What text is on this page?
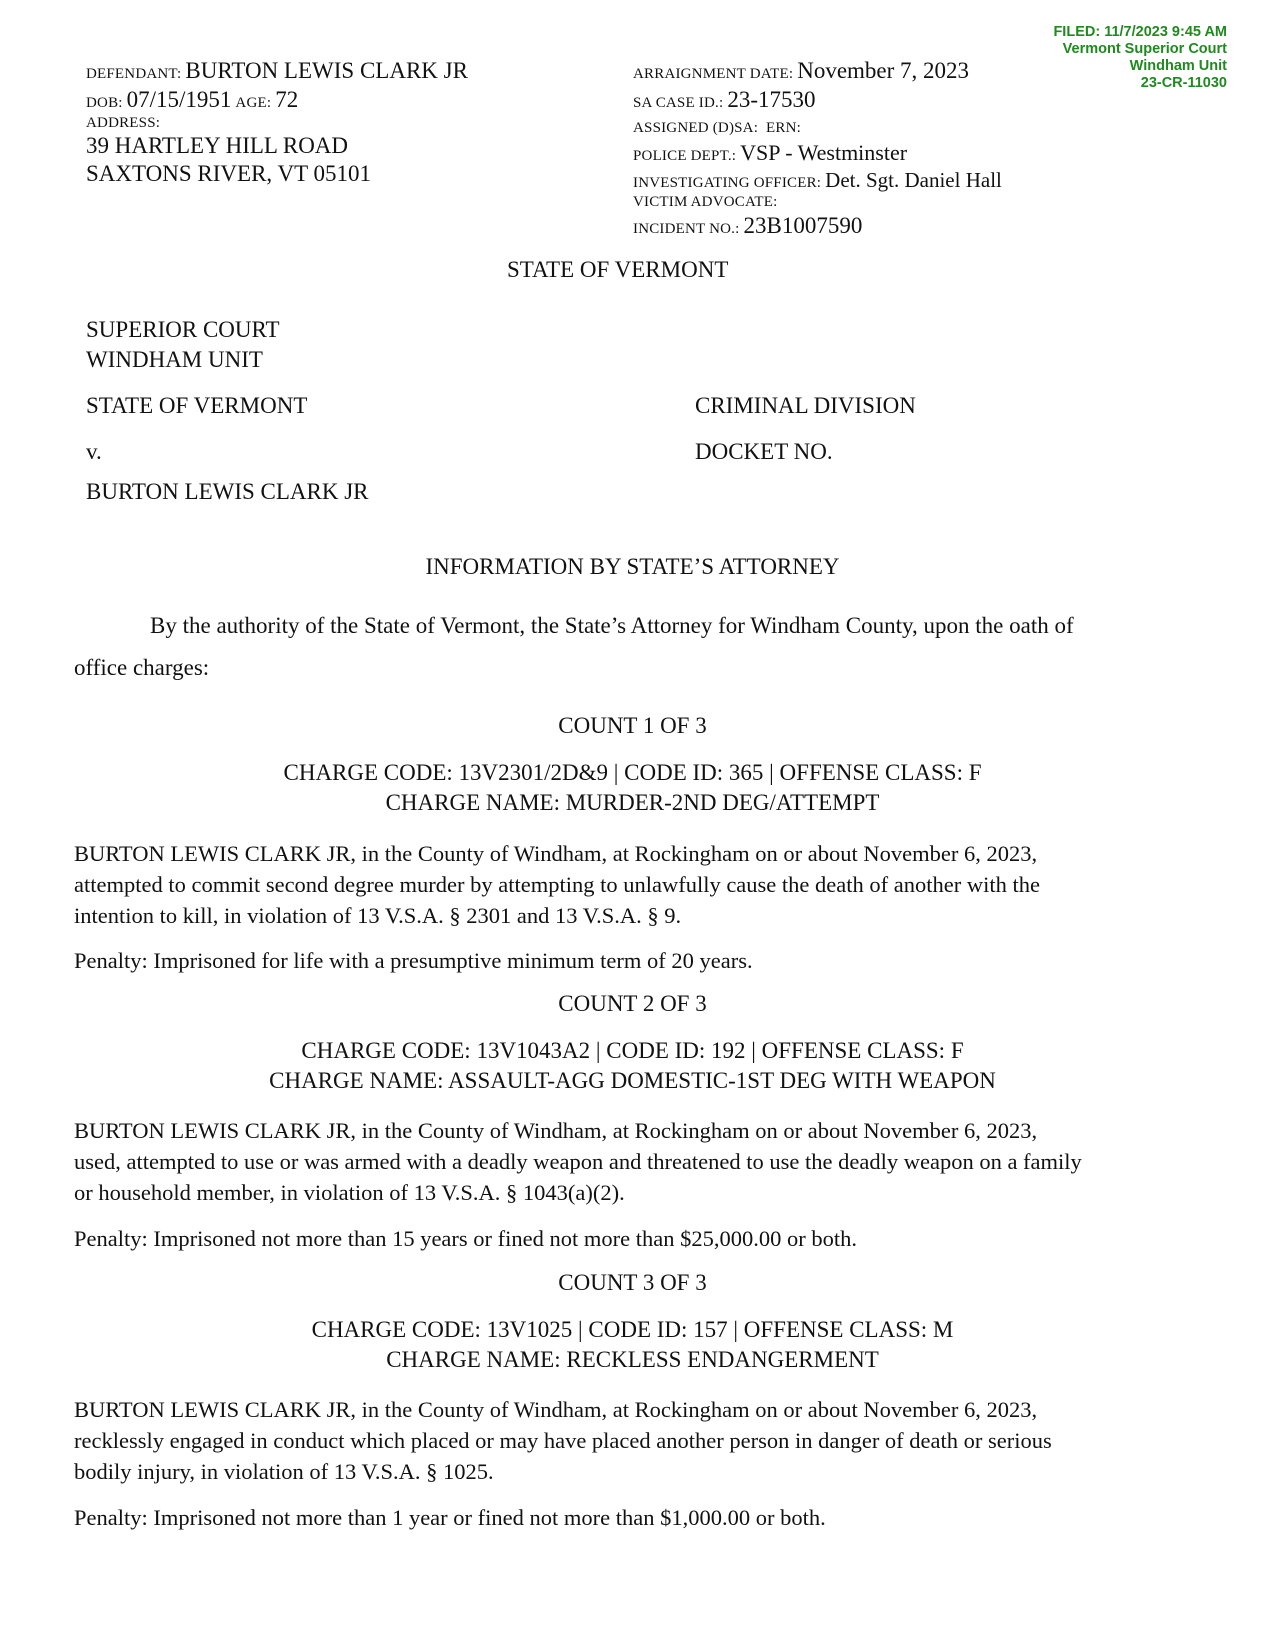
FILED: 11/7/2023 9:45 AM
Vermont Superior Court
Windham Unit
23-CR-11030
DEFENDANT: BURTON LEWIS CLARK JR
DOB: 07/15/1951 AGE: 72
ADDRESS:
39 HARTLEY HILL ROAD
SAXTONS RIVER, VT 05101
ARRAIGNMENT DATE: November 7, 2023
SA CASE ID.: 23-17530
ASSIGNED (D)SA: ERN:
POLICE DEPT.: VSP - Westminster
INVESTIGATING OFFICER: Det. Sgt. Daniel Hall
VICTIM ADVOCATE:
INCIDENT NO.: 23B1007590
STATE OF VERMONT
SUPERIOR COURT
WINDHAM UNIT
STATE OF VERMONT	CRIMINAL DIVISION
v.	DOCKET NO.
BURTON LEWIS CLARK JR
INFORMATION BY STATE’S ATTORNEY
By the authority of the State of Vermont, the State’s Attorney for Windham County, upon the oath of
office charges:
COUNT 1 OF 3
CHARGE CODE: 13V2301/2D&9 | CODE ID: 365 | OFFENSE CLASS: F
CHARGE NAME: MURDER-2ND DEG/ATTEMPT
BURTON LEWIS CLARK JR, in the County of Windham, at Rockingham on or about November 6, 2023,
attempted to commit second degree murder by attempting to unlawfully cause the death of another with the
intention to kill, in violation of 13 V.S.A. § 2301 and 13 V.S.A. § 9.
Penalty: Imprisoned for life with a presumptive minimum term of 20 years.
COUNT 2 OF 3
CHARGE CODE: 13V1043A2 | CODE ID: 192 | OFFENSE CLASS: F
CHARGE NAME: ASSAULT-AGG DOMESTIC-1ST DEG WITH WEAPON
BURTON LEWIS CLARK JR, in the County of Windham, at Rockingham on or about November 6, 2023,
used, attempted to use or was armed with a deadly weapon and threatened to use the deadly weapon on a family
or household member, in violation of 13 V.S.A. § 1043(a)(2).
Penalty: Imprisoned not more than 15 years or fined not more than $25,000.00 or both.
COUNT 3 OF 3
CHARGE CODE: 13V1025 | CODE ID: 157 | OFFENSE CLASS: M
CHARGE NAME: RECKLESS ENDANGERMENT
BURTON LEWIS CLARK JR, in the County of Windham, at Rockingham on or about November 6, 2023,
recklessly engaged in conduct which placed or may have placed another person in danger of death or serious
bodily injury, in violation of 13 V.S.A. § 1025.
Penalty: Imprisoned not more than 1 year or fined not more than $1,000.00 or both.
